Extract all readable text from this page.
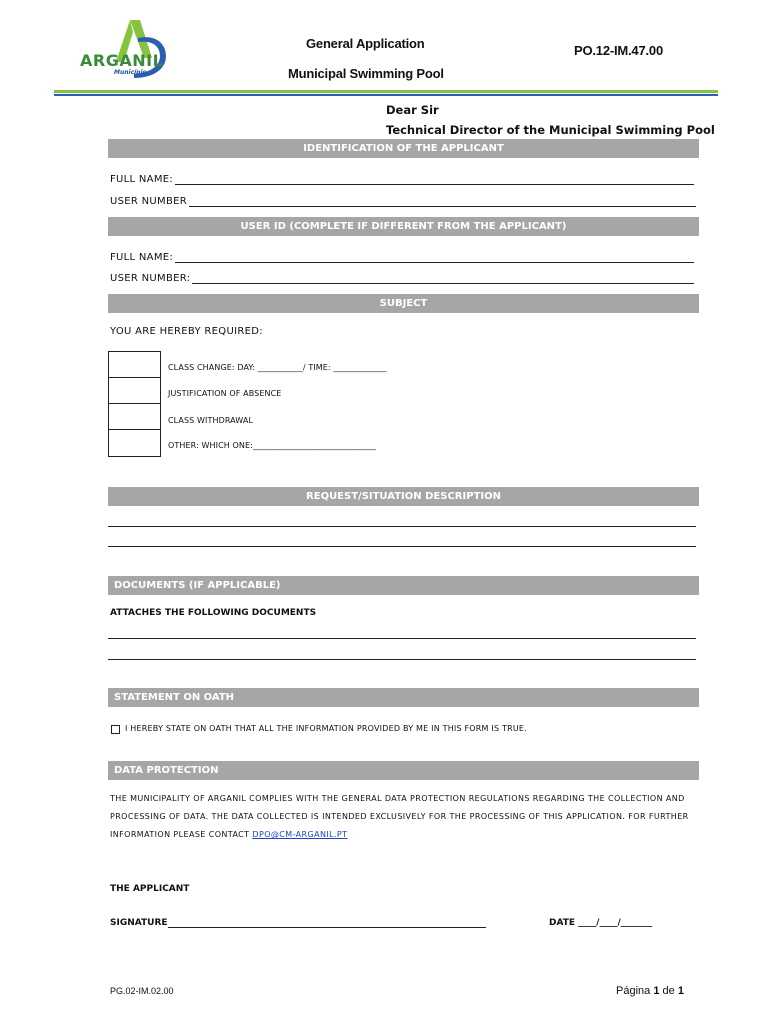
ARGANIL
Município
General Application
Municipal Swimming Pool
PO.12-IM.47.00
Dear Sir
Technical Director of the Municipal Swimming Pool
IDENTIFICATION OF THE APPLICANT
FULL NAME:
USER NUMBER
USER ID (COMPLETE IF DIFFERENT FROM THE APPLICANT)
FULL NAME:
USER NUMBER:
SUBJECT
YOU ARE HEREBY REQUIRED:
CLASS CHANGE: DAY: ___________/ TIME: _____________
JUSTIFICATION OF ABSENCE
CLASS WITHDRAWAL
OTHER: WHICH ONE:______________________________
REQUEST/SITUATION DESCRIPTION
DOCUMENTS (IF APPLICABLE)
ATTACHES THE FOLLOWING DOCUMENTS
STATEMENT ON OATH
I HEREBY STATE ON OATH THAT ALL THE INFORMATION PROVIDED BY ME IN THIS FORM IS TRUE.
DATA PROTECTION
THE MUNICIPALITY OF ARGANIL COMPLIES WITH THE GENERAL DATA PROTECTION REGULATIONS REGARDING THE COLLECTION AND
PROCESSING OF DATA. THE DATA COLLECTED IS INTENDED EXCLUSIVELY FOR THE PROCESSING OF THIS APPLICATION. FOR FURTHER
INFORMATION PLEASE CONTACT DPO@CM-ARGANIL.PT
THE APPLICANT
SIGNATURE	DATE ____/____/_______
PG.02-IM.02.00	Página 1 de 1
